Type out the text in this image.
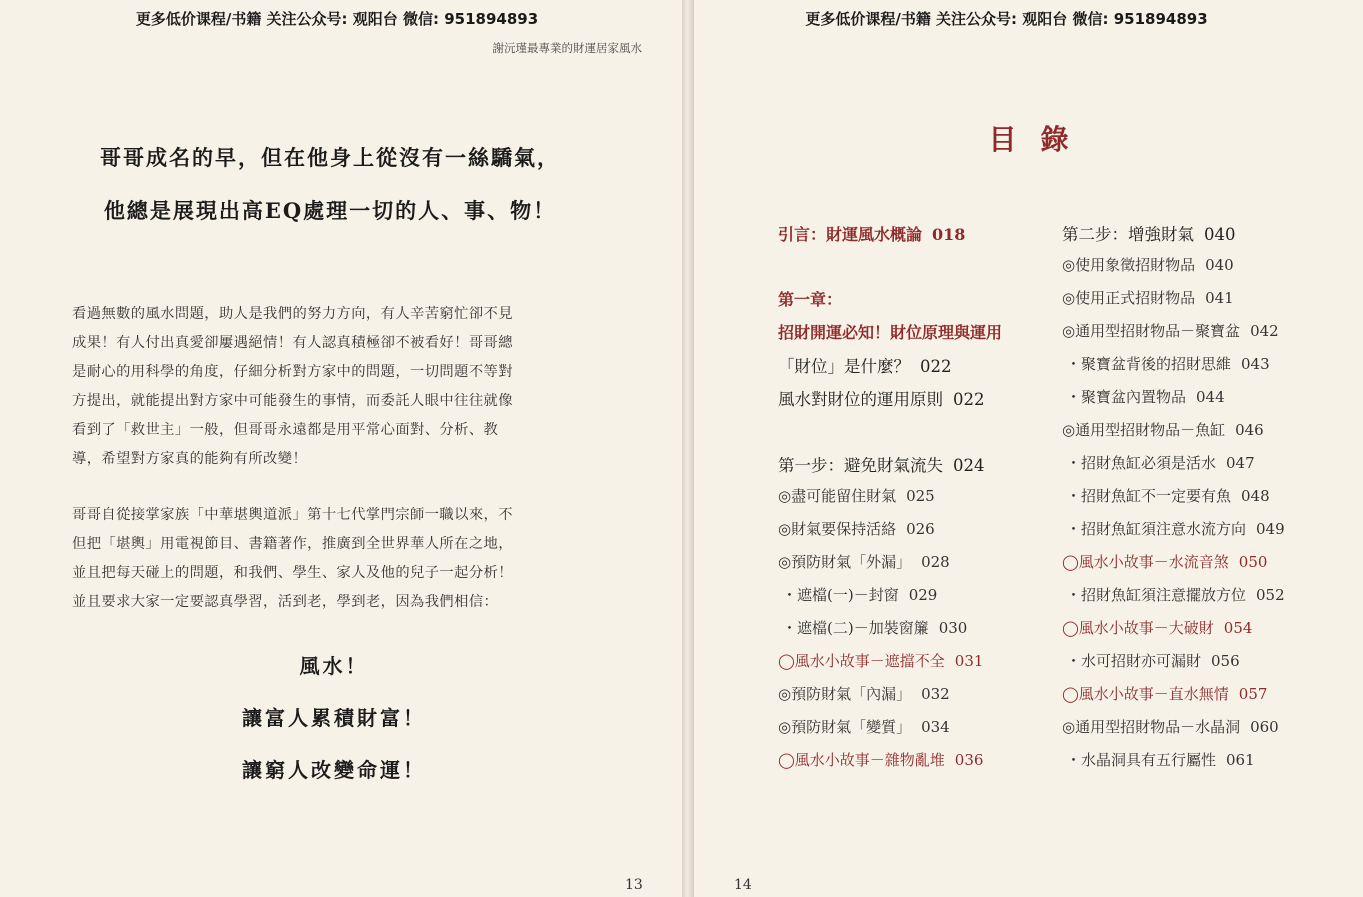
更多低价课程/书籍 关注公众号: 观阳台 微信: 951894893
謝沅瑾最專業的財運居家風水
哥哥成名的早，但在他身上從沒有一絲驕氣，
他總是展現出高EQ處理一切的人、事、物！
看過無數的風水問題，助人是我們的努力方向，有人辛苦窮忙卻不見
成果！有人付出真愛卻屢遇絕情！有人認真積極卻不被看好！哥哥總
是耐心的用科學的角度，仔細分析對方家中的問題，一切問題不等對
方提出，就能提出對方家中可能發生的事情，而委託人眼中往往就像
看到了「救世主」一般，但哥哥永遠都是用平常心面對、分析、教
導，希望對方家真的能夠有所改變！
哥哥自從接掌家族「中華堪輿道派」第十七代掌門宗師一職以來，不
但把「堪輿」用電視節目、書籍著作，推廣到全世界華人所在之地，
並且把每天碰上的問題，和我們、學生、家人及他的兒子一起分析！
並且要求大家一定要認真學習，活到老，學到老，因為我們相信：
風水！
讓富人累積財富！
讓窮人改變命運！
13
更多低价课程/书籍 关注公众号: 观阳台 微信: 951894893
目錄
引言：財運風水概論 018
第一章：
招財開運必知！財位原理與運用
「財位」是什麼？ 022
風水對財位的運用原則 022
第一步：避免財氣流失 024
◎盡可能留住財氣 025
◎財氣要保持活絡 026
◎預防財氣「外漏」 028
・遮檔(一)－封窗 029
・遮檔(二)－加裝窗簾 030
◯風水小故事－遮擋不全 031
◎預防財氣「內漏」 032
◎預防財氣「變質」 034
◯風水小故事－雜物亂堆 036
第二步：增強財氣 040
◎使用象徵招財物品 040
◎使用正式招財物品 041
◎通用型招財物品－聚寶盆 042
・聚寶盆背後的招財思維 043
・聚寶盆內置物品 044
◎通用型招財物品－魚缸 046
・招財魚缸必須是活水 047
・招財魚缸不一定要有魚 048
・招財魚缸須注意水流方向 049
◯風水小故事－水流音煞 050
・招財魚缸須注意擺放方位 052
◯風水小故事－大破財 054
・水可招財亦可漏財 056
◯風水小故事－直水無情 057
◎通用型招財物品－水晶洞 060
・水晶洞具有五行屬性 061
14
